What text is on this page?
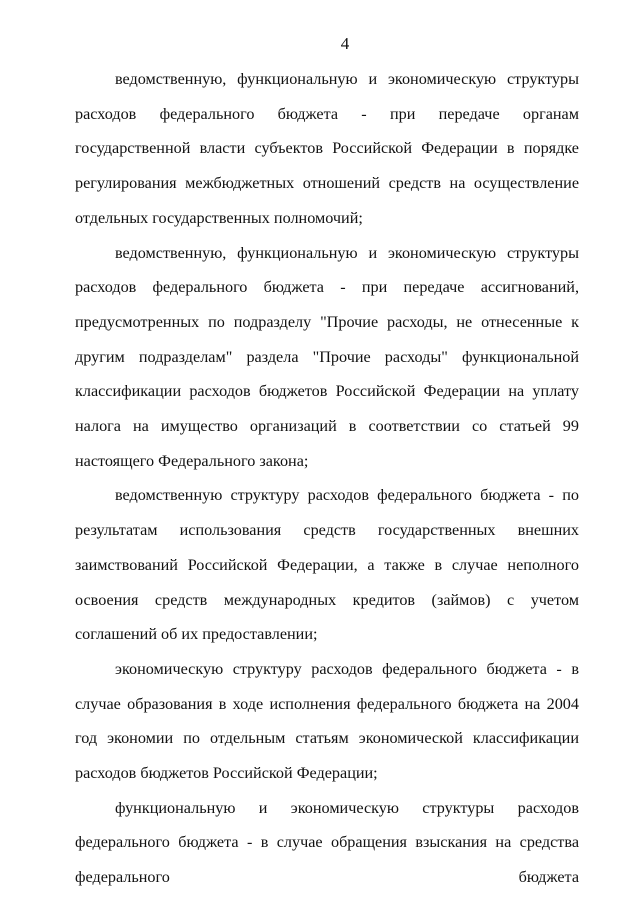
4

ведомственную, функциональную и экономическую структуры расходов федерального бюджета - при передаче органам государственной власти субъектов Российской Федерации в порядке регулирования межбюджетных отношений средств на осуществление отдельных государственных полномочий;

ведомственную, функциональную и экономическую структуры расходов федерального бюджета - при передаче ассигнований, предусмотренных по подразделу "Прочие расходы, не отнесенные к другим подразделам" раздела "Прочие расходы" функциональной классификации расходов бюджетов Российской Федерации на уплату налога на имущество организаций в соответствии со статьей 99 настоящего Федерального закона;

ведомственную структуру расходов федерального бюджета - по результатам использования средств государственных внешних заимствований Российской Федерации, а также в случае неполного освоения средств международных кредитов (займов) с учетом соглашений об их предоставлении;

экономическую структуру расходов федерального бюджета - в случае образования в ходе исполнения федерального бюджета на 2004 год экономии по отдельным статьям экономической классификации расходов бюджетов Российской Федерации;

функциональную и экономическую структуры расходов федерального бюджета - в случае обращения взыскания на средства федерального бюджета
